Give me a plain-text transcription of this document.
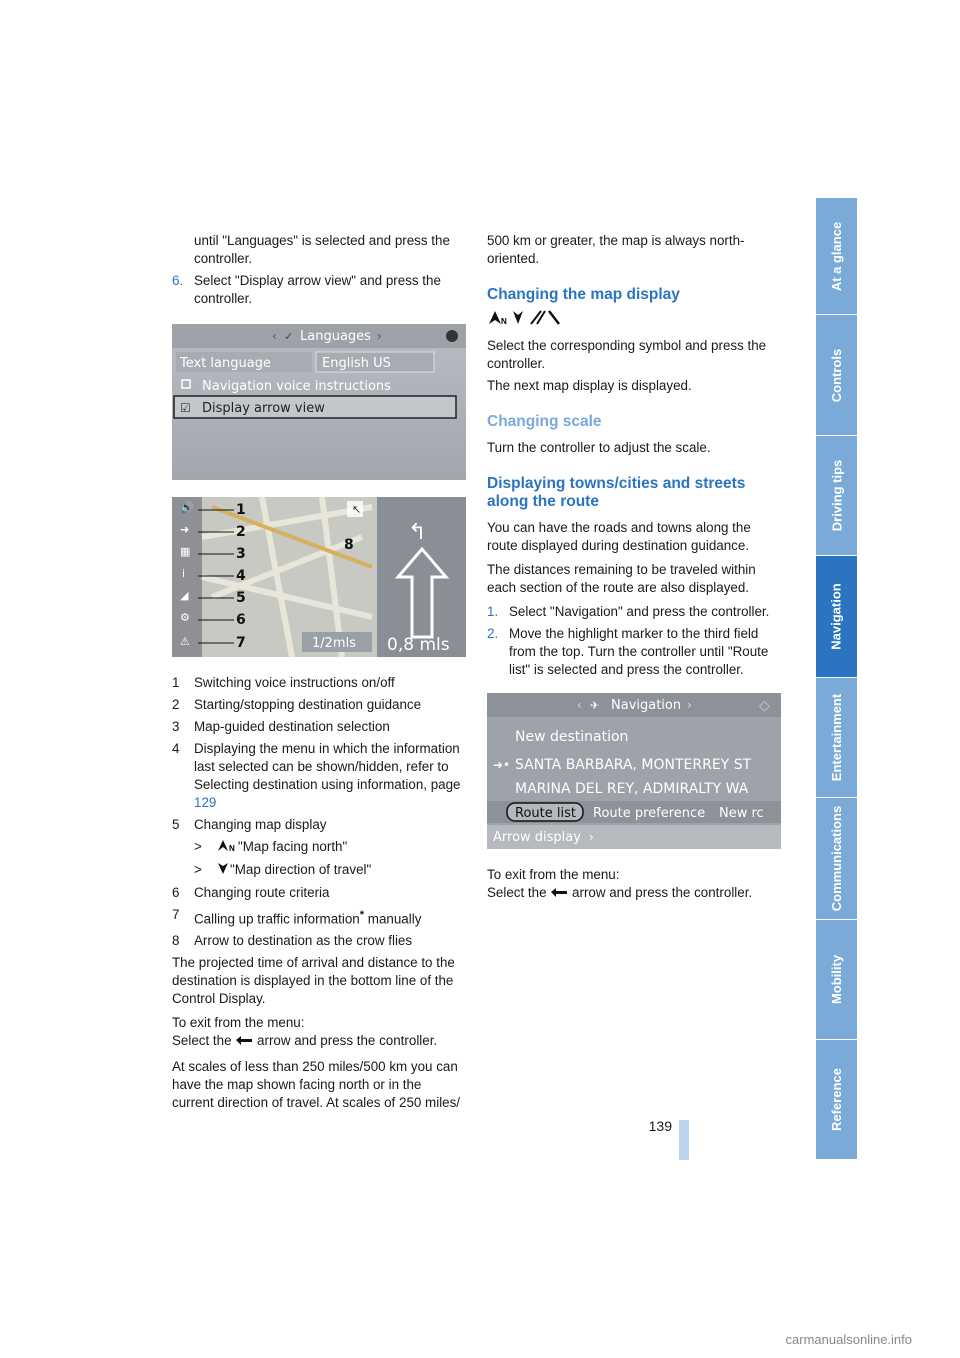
until "Languages" is selected and press the controller.
6. Select "Display arrow view" and press the controller.
‹ ✓ Languages ›
Text language	English US
Navigation voice instructions
☑ Display arrow view
↖
↰
0,8 mls
1/2mls
🔊
➜
▦
i
◢
⚙
⚠
1
2
3
4
5
6
7
8
1	Switching voice instructions on/off
2	Starting/stopping destination guidance
3	Map-guided destination selection
4	Displaying the menu in which the information last selected can be shown/hidden, refer to Selecting destination using information, page 129
5	Changing map display
>	N "Map facing north"
>	"Map direction of travel"
6	Changing route criteria
7	Calling up traffic information* manually
8	Arrow to destination as the crow flies
The projected time of arrival and distance to the destination is displayed in the bottom line of the Control Display.
To exit from the menu:
Select the arrow and press the controller.
At scales of less than 250 miles/500 km you can have the map shown facing north or in the current direction of travel. At scales of 250 miles/
500 km or greater, the map is always north-oriented.
Changing the map display
N
Select the corresponding symbol and press the controller.
The next map display is displayed.
Changing scale
Turn the controller to adjust the scale.
Displaying towns/cities and streets along the route
You can have the roads and towns along the route displayed during destination guidance.
The distances remaining to be traveled within each section of the route are also displayed.
1. Select "Navigation" and press the controller.
2. Move the highlight marker to the third field from the top. Turn the controller until "Route list" is selected and press the controller.
‹ ✈ Navigation ›	◇
New destination
➜• SANTA BARBARA, MONTERREY ST
MARINA DEL REY, ADMIRALTY WA
Route list Route preference New rc
Arrow display ›
To exit from the menu:
Select the arrow and press the controller.
At a glance
Controls
Driving tips
Navigation
Entertainment
Communications
Mobility
Reference
139
carmanualsonline.info
